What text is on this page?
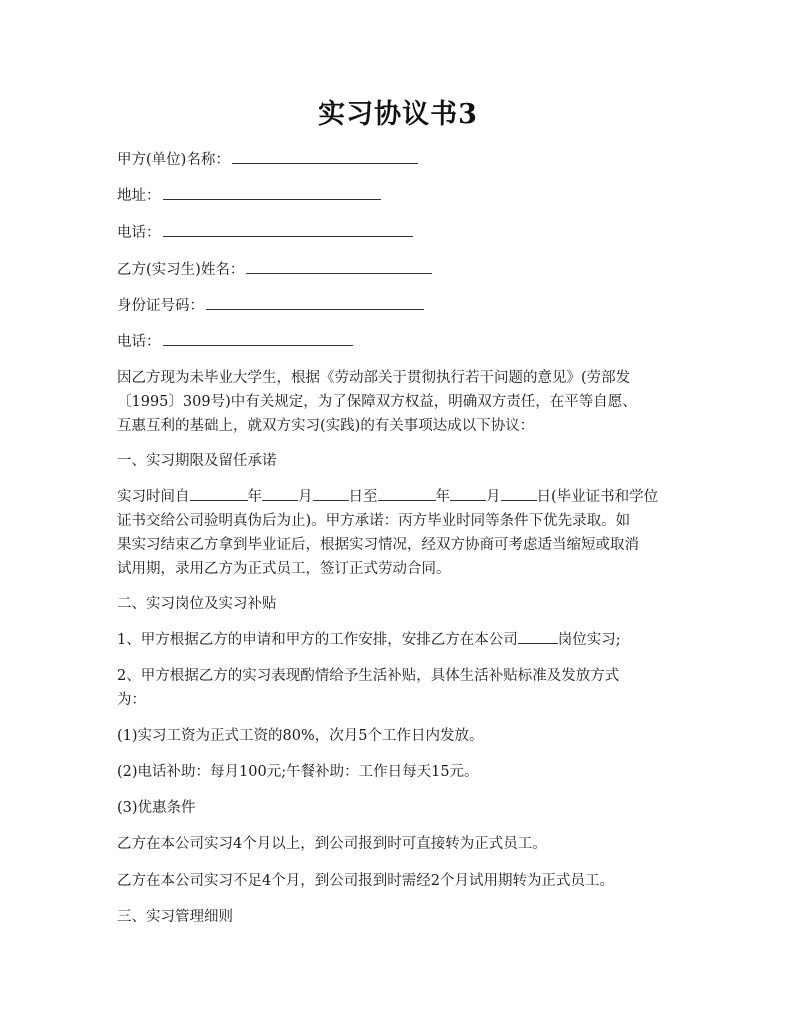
实习协议书3
甲方(单位)名称：
地址：
电话：
乙方(实习生)姓名：
身份证号码：
电话：
因乙方现为未毕业大学生，根据《劳动部关于贯彻执行若干问题的意见》(劳部发
〔1995〕309号)中有关规定，为了保障双方权益，明确双方责任，在平等自愿、
互惠互利的基础上，就双方实习(实践)的有关事项达成以下协议：
一、实习期限及留任承诺
实习时间自	年 月 日至	年 月 日(毕业证书和学位
证书交给公司验明真伪后为止)。甲方承诺：丙方毕业时同等条件下优先录取。如
果实习结束乙方拿到毕业证后，根据实习情况，经双方协商可考虑适当缩短或取消
试用期，录用乙方为正式员工，签订正式劳动合同。
二、实习岗位及实习补贴
1、甲方根据乙方的申请和甲方的工作安排，安排乙方在本公司	岗位实习;
2、甲方根据乙方的实习表现酌情给予生活补贴，具体生活补贴标准及发放方式
为：
(1)实习工资为正式工资的80%，次月5个工作日内发放。
(2)电话补助：每月100元;午餐补助：工作日每天15元。
(3)优惠条件
乙方在本公司实习4个月以上，到公司报到时可直接转为正式员工。
乙方在本公司实习不足4个月，到公司报到时需经2个月试用期转为正式员工。
三、实习管理细则
